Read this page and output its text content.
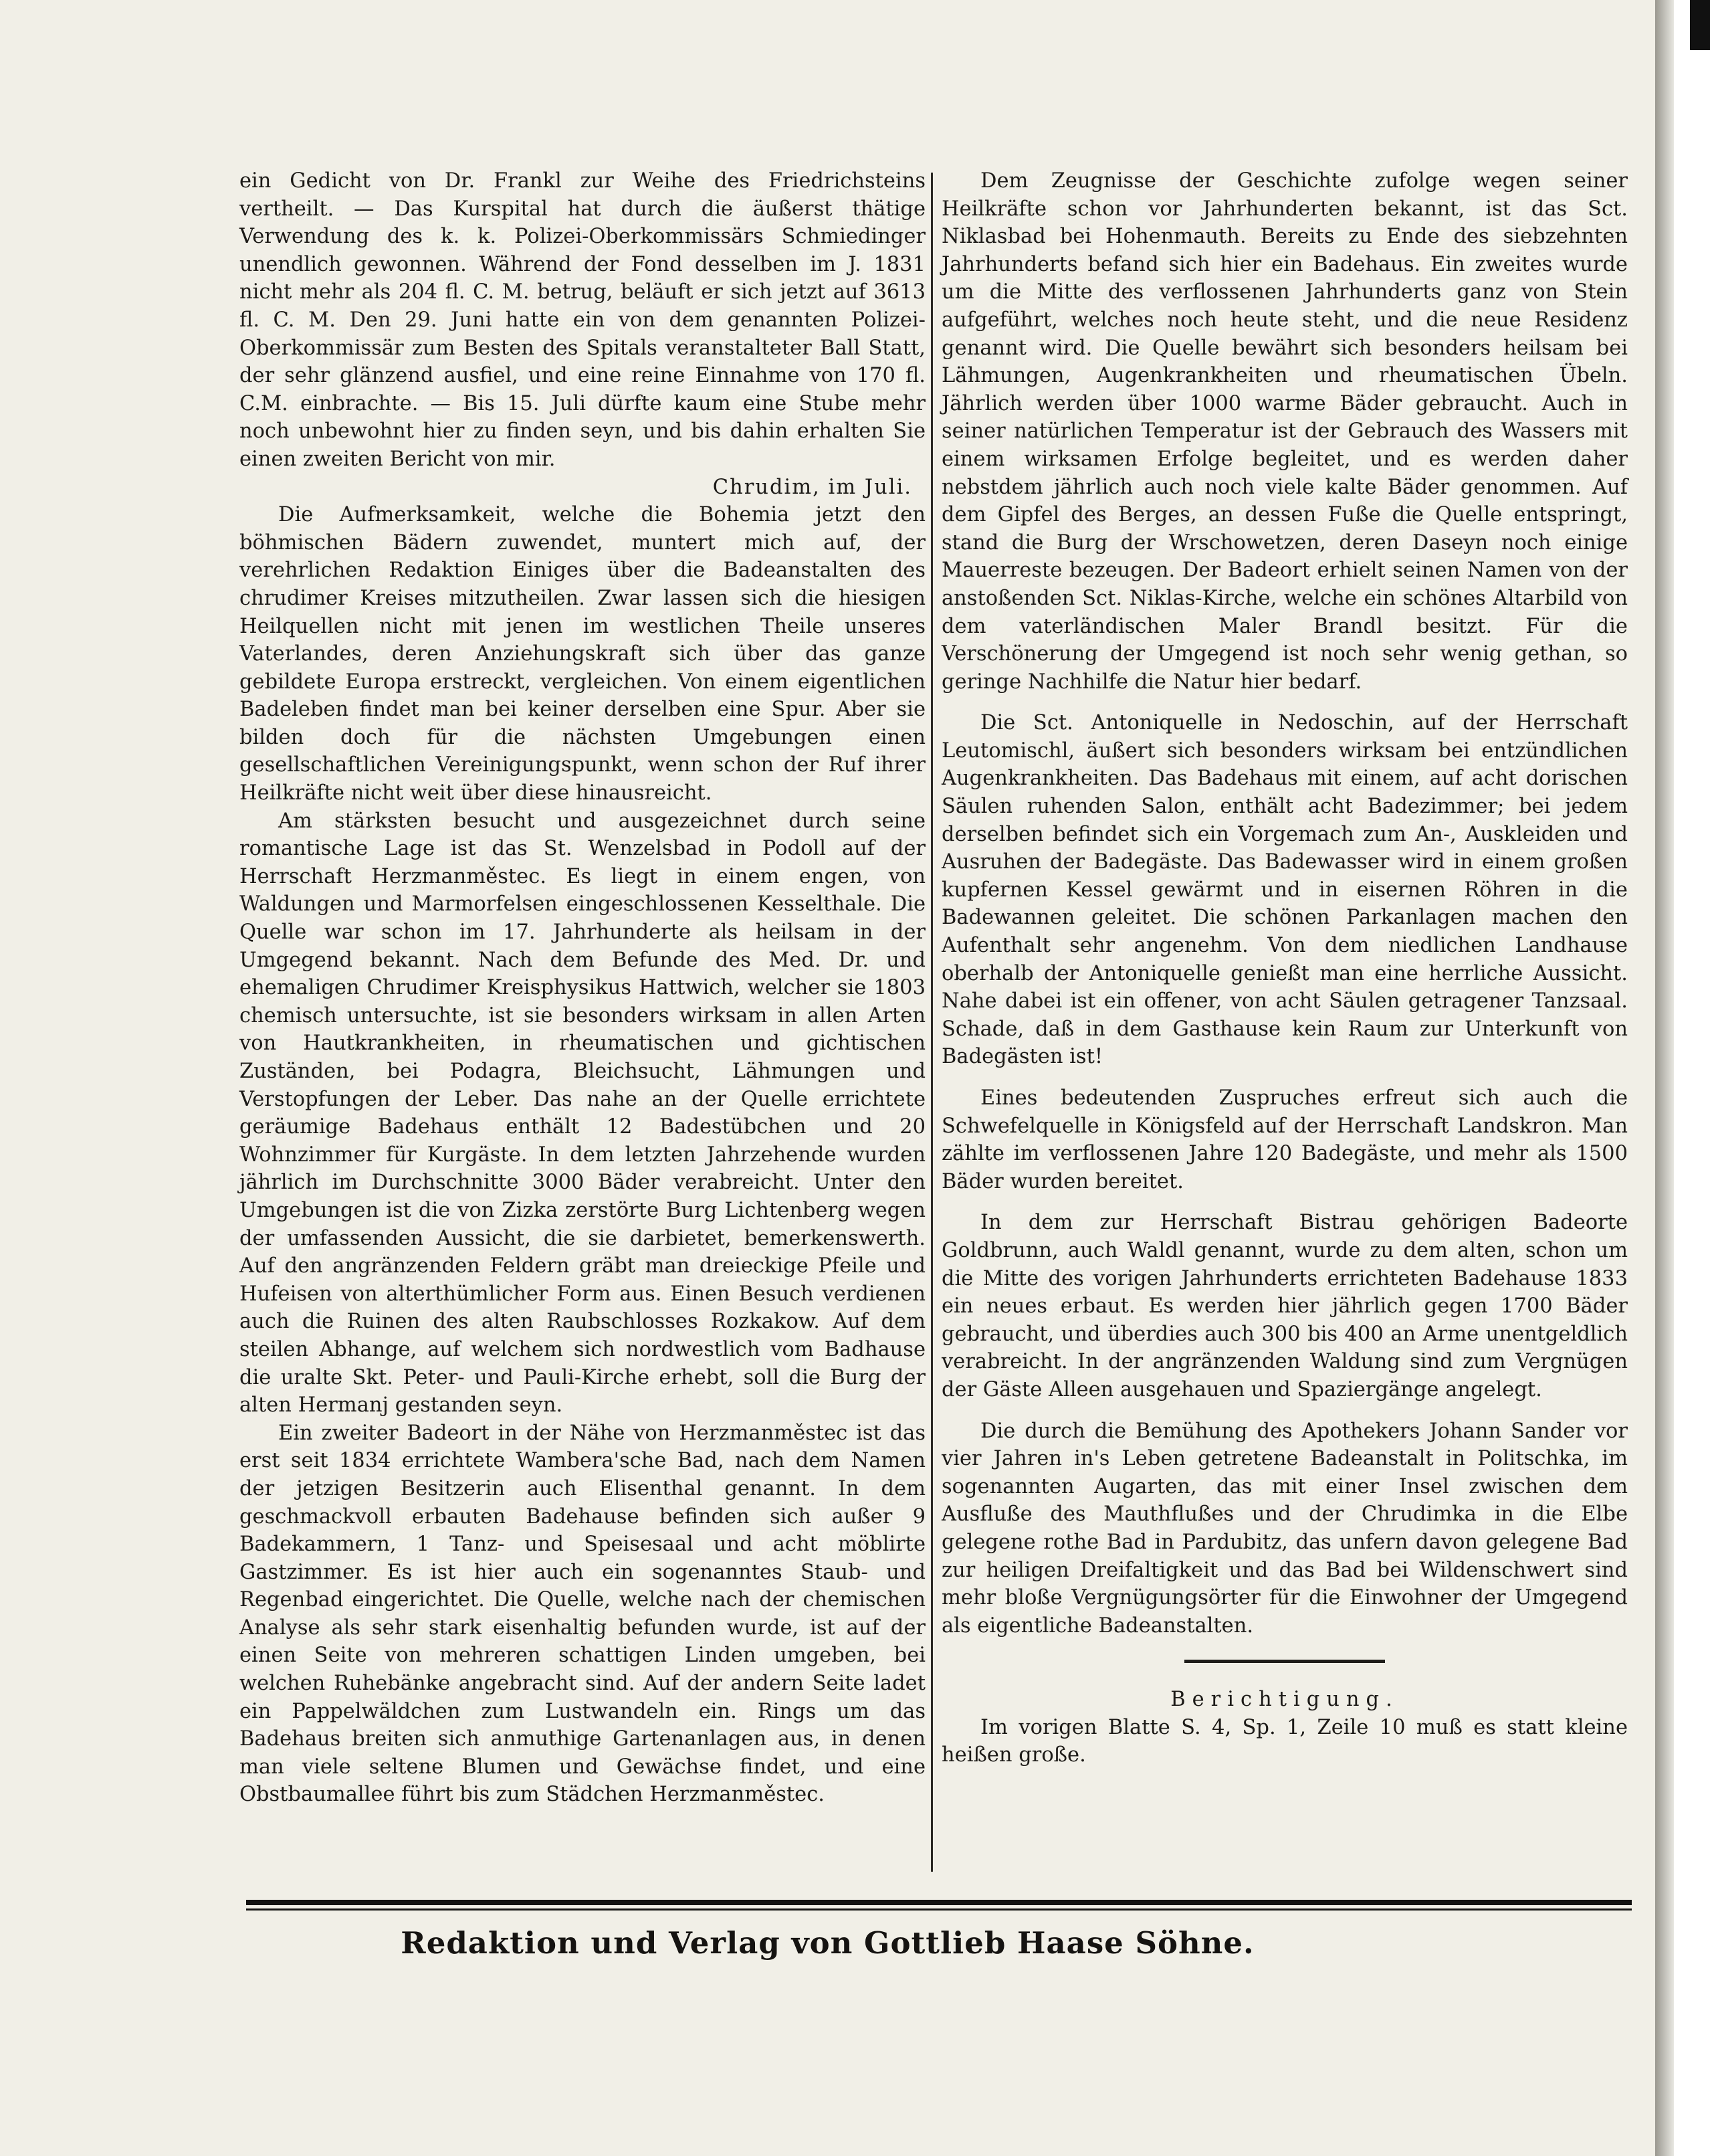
ein Gedicht von Dr. Frankl zur Weihe des Friedrichsteins vertheilt. — Das Kurspital hat durch die äußerst thätige Verwendung des k. k. Polizei-Oberkommissärs Schmiedinger unendlich gewonnen. Während der Fond desselben im J. 1831 nicht mehr als 204 fl. C. M. betrug, beläuft er sich jetzt auf 3613 fl. C. M. Den 29. Juni hatte ein von dem genannten Polizei-Oberkommissär zum Besten des Spitals veranstalteter Ball Statt, der sehr glänzend ausfiel, und eine reine Einnahme von 170 fl. C.M. einbrachte. — Bis 15. Juli dürfte kaum eine Stube mehr noch unbewohnt hier zu finden seyn, und bis dahin erhalten Sie einen zweiten Bericht von mir.

Chrudim, im Juli.

Die Aufmerksamkeit, welche die Bohemia jetzt den böhmischen Bädern zuwendet, muntert mich auf, der verehrlichen Redaktion Einiges über die Badeanstalten des chrudimer Kreises mitzutheilen. Zwar lassen sich die hiesigen Heilquellen nicht mit jenen im westlichen Theile unseres Vaterlandes, deren Anziehungskraft sich über das ganze gebildete Europa erstreckt, vergleichen. Von einem eigentlichen Badeleben findet man bei keiner derselben eine Spur. Aber sie bilden doch für die nächsten Umgebungen einen gesellschaftlichen Vereinigungspunkt, wenn schon der Ruf ihrer Heilkräfte nicht weit über diese hinausreicht.

Am stärksten besucht und ausgezeichnet durch seine romantische Lage ist das St. Wenzelsbad in Podoll auf der Herrschaft Herzmanměstec. Es liegt in einem engen, von Waldungen und Marmorfelsen eingeschlossenen Kesselthale. Die Quelle war schon im 17. Jahrhunderte als heilsam in der Umgegend bekannt. Nach dem Befunde des Med. Dr. und ehemaligen Chrudimer Kreisphysikus Hattwich, welcher sie 1803 chemisch untersuchte, ist sie besonders wirksam in allen Arten von Hautkrankheiten, in rheumatischen und gichtischen Zuständen, bei Podagra, Bleichsucht, Lähmungen und Verstopfungen der Leber. Das nahe an der Quelle errichtete geräumige Badehaus enthält 12 Badestübchen und 20 Wohnzimmer für Kurgäste. In dem letzten Jahrzehende wurden jährlich im Durchschnitte 3000 Bäder verabreicht. Unter den Umgebungen ist die von Zizka zerstörte Burg Lichtenberg wegen der umfassenden Aussicht, die sie darbietet, bemerkenswerth. Auf den angränzenden Feldern gräbt man dreieckige Pfeile und Hufeisen von alterthümlicher Form aus. Einen Besuch verdienen auch die Ruinen des alten Raubschlosses Rozkakow. Auf dem steilen Abhange, auf welchem sich nordwestlich vom Badhause die uralte Skt. Peter- und Pauli-Kirche erhebt, soll die Burg der alten Hermanj gestanden seyn.

Ein zweiter Badeort in der Nähe von Herzmanměstec ist das erst seit 1834 errichtete Wambera'sche Bad, nach dem Namen der jetzigen Besitzerin auch Elisenthal genannt. In dem geschmackvoll erbauten Badehause befinden sich außer 9 Badekammern, 1 Tanz- und Speisesaal und acht möblirte Gastzimmer. Es ist hier auch ein sogenanntes Staub- und Regenbad eingerichtet. Die Quelle, welche nach der chemischen Analyse als sehr stark eisenhaltig befunden wurde, ist auf der einen Seite von mehreren schattigen Linden umgeben, bei welchen Ruhebänke angebracht sind. Auf der andern Seite ladet ein Pappelwäldchen zum Lustwandeln ein. Rings um das Badehaus breiten sich anmuthige Gartenanlagen aus, in denen man viele seltene Blumen und Gewächse findet, und eine Obstbaumallee führt bis zum Städchen Herzmanměstec.

Dem Zeugnisse der Geschichte zufolge wegen seiner Heilkräfte schon vor Jahrhunderten bekannt, ist das Sct. Niklasbad bei Hohenmauth. Bereits zu Ende des siebzehnten Jahrhunderts befand sich hier ein Badehaus. Ein zweites wurde um die Mitte des verflossenen Jahrhunderts ganz von Stein aufgeführt, welches noch heute steht, und die neue Residenz genannt wird. Die Quelle bewährt sich besonders heilsam bei Lähmungen, Augenkrankheiten und rheumatischen Übeln. Jährlich werden über 1000 warme Bäder gebraucht. Auch in seiner natürlichen Temperatur ist der Gebrauch des Wassers mit einem wirksamen Erfolge begleitet, und es werden daher nebstdem jährlich auch noch viele kalte Bäder genommen. Auf dem Gipfel des Berges, an dessen Fuße die Quelle entspringt, stand die Burg der Wrschowetzen, deren Daseyn noch einige Mauerreste bezeugen. Der Badeort erhielt seinen Namen von der anstoßenden Sct. Niklas-Kirche, welche ein schönes Altarbild von dem vaterländischen Maler Brandl besitzt. Für die Verschönerung der Umgegend ist noch sehr wenig gethan, so geringe Nachhilfe die Natur hier bedarf.

Die Sct. Antoniquelle in Nedoschin, auf der Herrschaft Leutomischl, äußert sich besonders wirksam bei entzündlichen Augenkrankheiten. Das Badehaus mit einem, auf acht dorischen Säulen ruhenden Salon, enthält acht Badezimmer; bei jedem derselben befindet sich ein Vorgemach zum An-, Auskleiden und Ausruhen der Badegäste. Das Badewasser wird in einem großen kupfernen Kessel gewärmt und in eisernen Röhren in die Badewannen geleitet. Die schönen Parkanlagen machen den Aufenthalt sehr angenehm. Von dem niedlichen Landhause oberhalb der Antoniquelle genießt man eine herrliche Aussicht. Nahe dabei ist ein offener, von acht Säulen getragener Tanzsaal. Schade, daß in dem Gasthause kein Raum zur Unterkunft von Badegästen ist!

Eines bedeutenden Zuspruches erfreut sich auch die Schwefelquelle in Königsfeld auf der Herrschaft Landskron. Man zählte im verflossenen Jahre 120 Badegäste, und mehr als 1500 Bäder wurden bereitet.

In dem zur Herrschaft Bistrau gehörigen Badeorte Goldbrunn, auch Waldl genannt, wurde zu dem alten, schon um die Mitte des vorigen Jahrhunderts errichteten Badehause 1833 ein neues erbaut. Es werden hier jährlich gegen 1700 Bäder gebraucht, und überdies auch 300 bis 400 an Arme unentgeldlich verabreicht. In der angränzenden Waldung sind zum Vergnügen der Gäste Alleen ausgehauen und Spaziergänge angelegt.

Die durch die Bemühung des Apothekers Johann Sander vor vier Jahren in's Leben getretene Badeanstalt in Politschka, im sogenannten Augarten, das mit einer Insel zwischen dem Ausfluße des Mauthflußes und der Chrudimka in die Elbe gelegene rothe Bad in Pardubitz, das unfern davon gelegene Bad zur heiligen Dreifaltigkeit und das Bad bei Wildenschwert sind mehr bloße Vergnügungsörter für die Einwohner der Umgegend als eigentliche Badeanstalten.

Berichtigung.

Im vorigen Blatte S. 4, Sp. 1, Zeile 10 muß es statt kleine heißen große.

Redaktion und Verlag von Gottlieb Haase Söhne.
